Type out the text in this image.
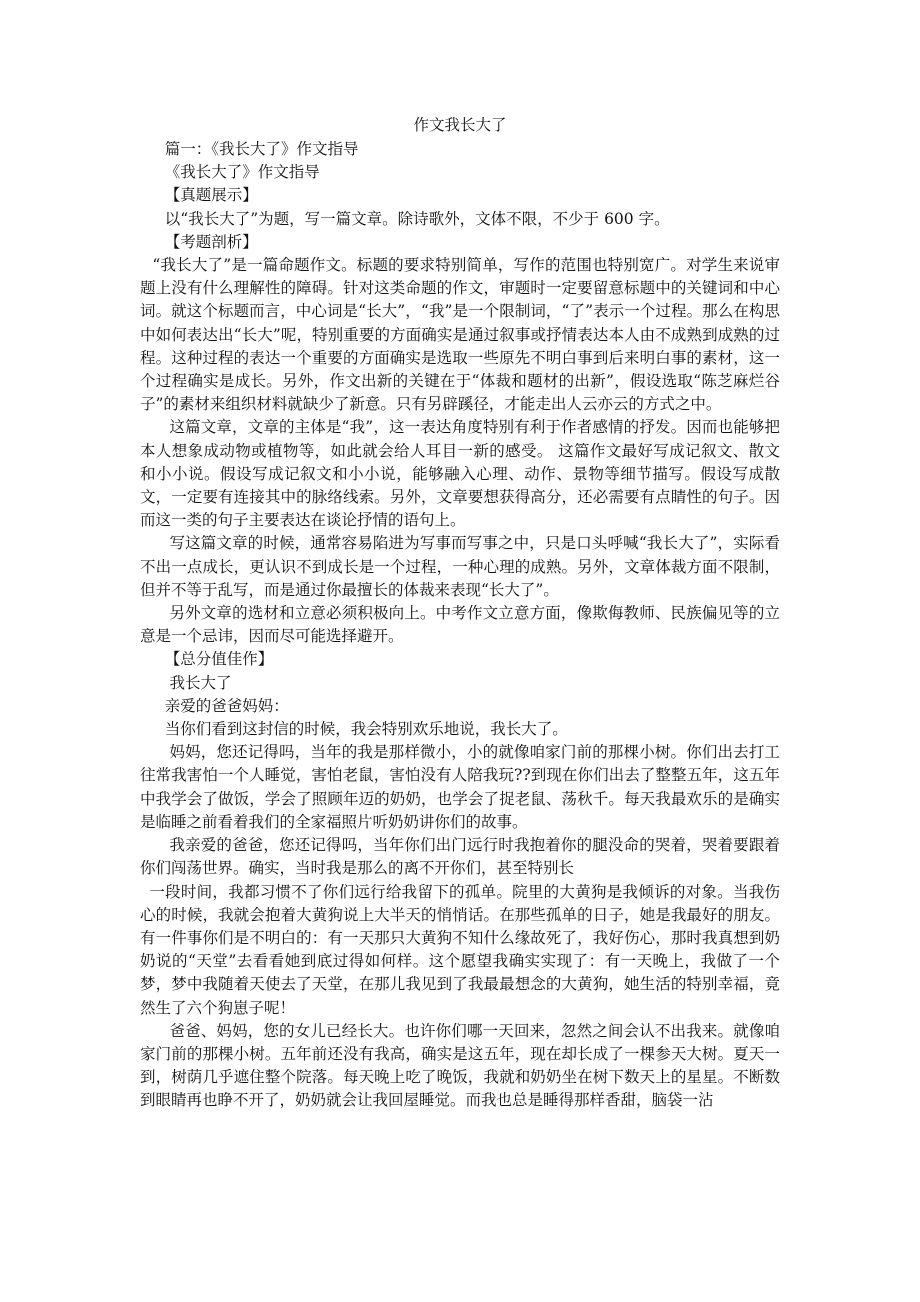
作文我长大了

篇一：《我长大了》作文指导

《我长大了》作文指导

【真题展示】

以“我长大了”为题，写一篇文章。除诗歌外，文体不限，不少于 600 字。

【考题剖析】

“我长大了”是一篇命题作文。标题的要求特别简单，写作的范围也特别宽广。对学生来说审题上没有什么理解性的障碍。针对这类命题的作文，审题时一定要留意标题中的关键词和中心词。就这个标题而言，中心词是“长大”，“我”是一个限制词，“了”表示一个过程。那么在构思中如何表达出“长大”呢，特别重要的方面确实是通过叙事或抒情表达本人由不成熟到成熟的过程。这种过程的表达一个重要的方面确实是选取一些原先不明白事到后来明白事的素材，这一个过程确实是成长。另外，作文出新的关键在于“体裁和题材的出新”，假设选取“陈芝麻烂谷子”的素材来组织材料就缺少了新意。只有另辟蹊径，才能走出人云亦云的方式之中。

这篇文章，文章的主体是“我”，这一表达角度特别有利于作者感情的抒发。因而也能够把本人想象成动物或植物等，如此就会给人耳目一新的感受。 这篇作文最好写成记叙文、散文和小小说。假设写成记叙文和小小说，能够融入心理、动作、景物等细节描写。假设写成散文，一定要有连接其中的脉络线索。另外，文章要想获得高分，还必需要有点睛性的句子。因而这一类的句子主要表达在谈论抒情的语句上。

写这篇文章的时候，通常容易陷进为写事而写事之中，只是口头呼喊“我长大了”，实际看不出一点成长，更认识不到成长是一个过程，一种心理的成熟。另外，文章体裁方面不限制，但并不等于乱写，而是通过你最擅长的体裁来表现“长大了”。

另外文章的选材和立意必须积极向上。中考作文立意方面，像欺侮教师、民族偏见等的立意是一个忌讳，因而尽可能选择避开。

【总分值佳作】

我长大了

亲爱的爸爸妈妈：

当你们看到这封信的时候，我会特别欢乐地说，我长大了。

妈妈，您还记得吗，当年的我是那样微小，小的就像咱家门前的那棵小树。你们出去打工往常我害怕一个人睡觉，害怕老鼠，害怕没有人陪我玩??到现在你们出去了整整五年，这五年中我学会了做饭，学会了照顾年迈的奶奶，也学会了捉老鼠、荡秋千。每天我最欢乐的是确实是临睡之前看着我们的全家福照片听奶奶讲你们的故事。

我亲爱的爸爸，您还记得吗，当年你们出门远行时我抱着你的腿没命的哭着，哭着要跟着你们闯荡世界。确实，当时我是那么的离不开你们，甚至特别长

一段时间，我都习惯不了你们远行给我留下的孤单。院里的大黄狗是我倾诉的对象。当我伤心的时候，我就会抱着大黄狗说上大半天的悄悄话。在那些孤单的日子，她是我最好的朋友。有一件事你们是不明白的：有一天那只大黄狗不知什么缘故死了，我好伤心，那时我真想到奶奶说的“天堂”去看看她到底过得如何样。这个愿望我确实实现了：有一天晚上，我做了一个梦，梦中我随着天使去了天堂，在那儿我见到了我最最想念的大黄狗，她生活的特别幸福，竟然生了六个狗崽子呢！

爸爸、妈妈，您的女儿已经长大。也许你们哪一天回来，忽然之间会认不出我来。就像咱家门前的那棵小树。五年前还没有我高，确实是这五年，现在却长成了一棵参天大树。夏天一到，树荫几乎遮住整个院落。每天晚上吃了晚饭，我就和奶奶坐在树下数天上的星星。不断数到眼睛再也睁不开了，奶奶就会让我回屋睡觉。而我也总是睡得那样香甜，脑袋一沾
